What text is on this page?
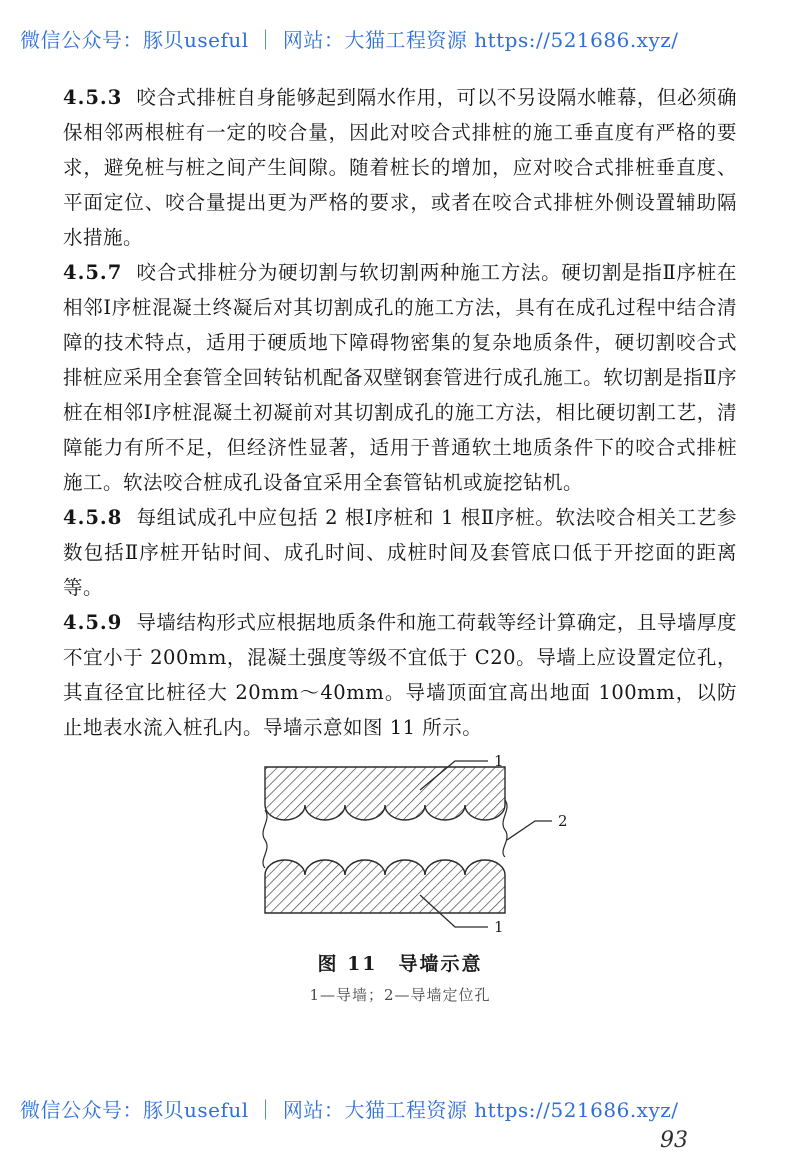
微信公众号：豚贝useful ｜ 网站：大猫工程资源 https://521686.xyz/

4.5.3 咬合式排桩自身能够起到隔水作用，可以不另设隔水帷幕，但必须确保相邻两根桩有一定的咬合量，因此对咬合式排桩的施工垂直度有严格的要求，避免桩与桩之间产生间隙。随着桩长的增加，应对咬合式排桩垂直度、平面定位、咬合量提出更为严格的要求，或者在咬合式排桩外侧设置辅助隔水措施。

4.5.7 咬合式排桩分为硬切割与软切割两种施工方法。硬切割是指Ⅱ序桩在相邻Ⅰ序桩混凝土终凝后对其切割成孔的施工方法，具有在成孔过程中结合清障的技术特点，适用于硬质地下障碍物密集的复杂地质条件，硬切割咬合式排桩应采用全套管全回转钻机配备双壁钢套管进行成孔施工。软切割是指Ⅱ序桩在相邻Ⅰ序桩混凝土初凝前对其切割成孔的施工方法，相比硬切割工艺，清障能力有所不足，但经济性显著，适用于普通软土地质条件下的咬合式排桩施工。软法咬合桩成孔设备宜采用全套管钻机或旋挖钻机。

4.5.8 每组试成孔中应包括 2 根Ⅰ序桩和 1 根Ⅱ序桩。软法咬合相关工艺参数包括Ⅱ序桩开钻时间、成孔时间、成桩时间及套管底口低于开挖面的距离等。

4.5.9 导墙结构形式应根据地质条件和施工荷载等经计算确定，且导墙厚度不宜小于 200mm，混凝土强度等级不宜低于 C20。导墙上应设置定位孔，其直径宜比桩径大 20mm～40mm。导墙顶面宜高出地面 100mm，以防止地表水流入桩孔内。导墙示意如图 11 所示。

1
2
1
图 11　导墙示意
1—导墙；2—导墙定位孔
微信公众号：豚贝useful ｜ 网站：大猫工程资源 https://521686.xyz/
93
